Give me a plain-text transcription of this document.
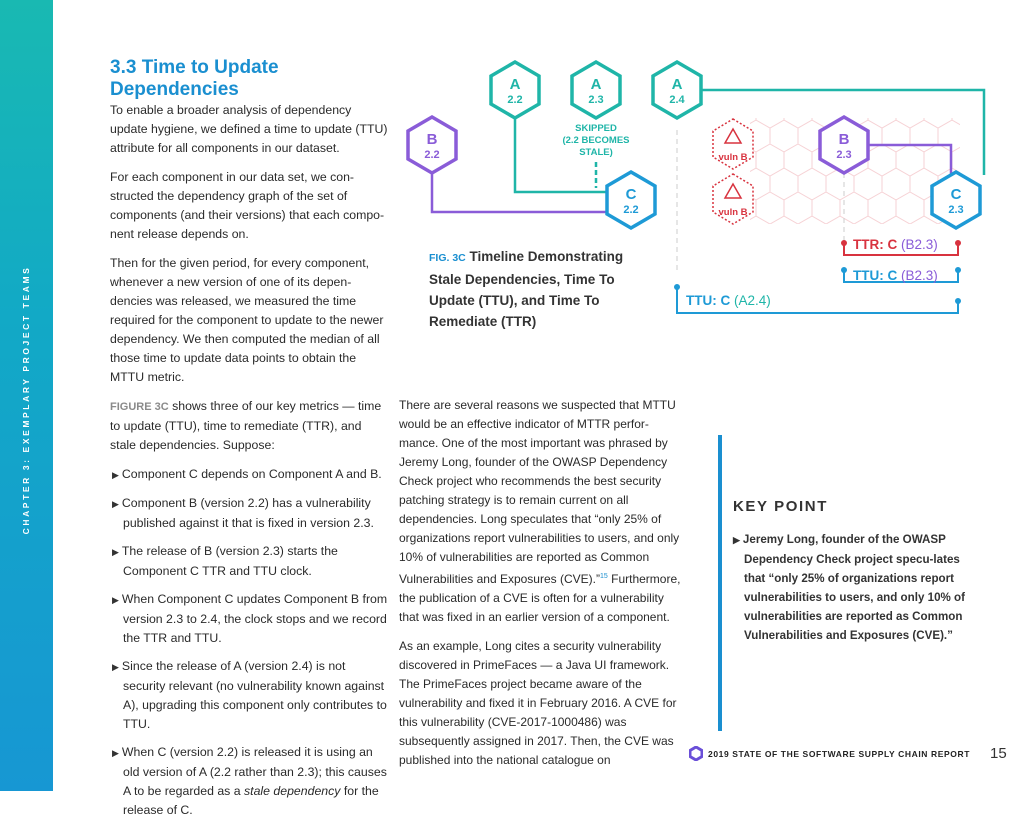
CHAPTER 3: EXEMPLARY PROJECT TEAMS
3.3 Time to Update Dependencies

To enable a broader analysis of dependency update hygiene, we defined a time to update (TTU) attribute for all components in our dataset.

For each component in our data set, we con-structed the dependency graph of the set of components (and their versions) that each compo-nent release depends on.

Then for the given period, for every component, whenever a new version of one of its depen-dencies was released, we measured the time required for the component to update to the newer dependency. We then computed the median of all those time to update data points to obtain the MTTU metric.

FIGURE 3C shows three of our key metrics — time to update (TTU), time to remediate (TTR), and stale dependencies. Suppose:

▶ Component C depends on Component A and B.
▶ Component B (version 2.2) has a vulnerability published against it that is fixed in version 2.3.
▶ The release of B (version 2.3) starts the Component C TTR and TTU clock.
▶ When Component C updates Component B from version 2.3 to 2.4, the clock stops and we record the TTR and TTU.
▶ Since the release of A (version 2.4) is not security relevant (no vulnerability known against A), upgrading this component only contributes to TTU.
▶ When C (version 2.2) is released it is using an old version of A (2.2 rather than 2.3); this causes A to be regarded as a stale dependency for the release of C.

There are several reasons we suspected that MTTU would be an effective indicator of MTTR perfor-mance. One of the most important was phrased by Jeremy Long, founder of the OWASP Dependency Check project who recommends the best security patching strategy is to remain current on all dependencies. Long speculates that “only 25% of organizations report vulnerabilities to users, and only 10% of vulnerabilities are reported as Common Vulnerabilities and Exposures (CVE).”$^{15}$ Furthermore, the publication of a CVE is often for a vulnerability that was fixed in an earlier version of a component.

As an example, Long cites a security vulnerability discovered in PrimeFaces — a Java UI framework. The PrimeFaces project became aware of the vulnerability and fixed it in February 2016. A CVE for this vulnerability (CVE-2017-1000486) was subsequently assigned in 2017. Then, the CVE was published into the national catalogue on

A
2.2
A
2.3
A
2.4
B
2.2
C
2.2
B
2.3
C
2.3
vuln B
vuln B
SKIPPED
(2.2 BECOMES
STALE)
TTR: C (B2.3)
TTU: C (B2.3)
TTU: C (A2.4)
FIG. 3C Timeline Demonstrating Stale Dependencies, Time To Update (TTU), and Time To Remediate (TTR)
KEY POINT
▶ Jeremy Long, founder of the OWASP Dependency Check project specu-lates that “only 25% of organizations report vulnerabilities to users, and only 10% of vulnerabilities are reported as Common Vulnerabilities and Exposures (CVE).”
2019 STATE OF THE SOFTWARE SUPPLY CHAIN REPORT 15
